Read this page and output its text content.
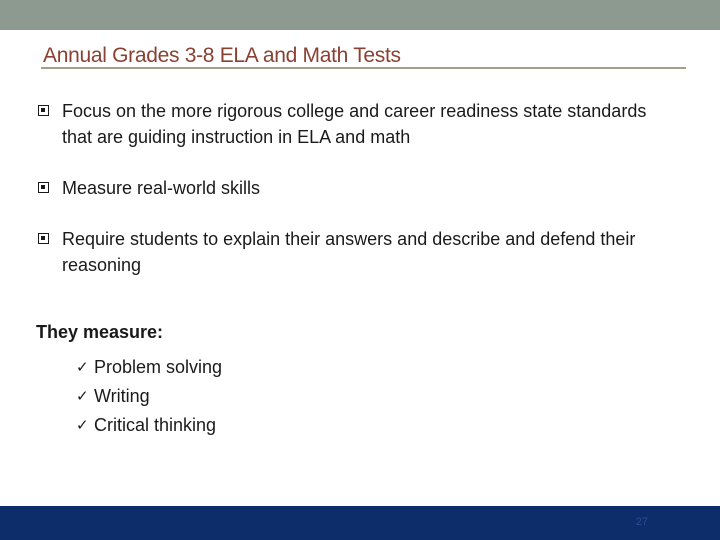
Annual Grades 3-8 ELA and Math Tests
Focus on the more rigorous college and career readiness state standards that are guiding instruction in ELA and math
Measure real-world skills
Require students to explain their answers and describe and defend their reasoning
They measure:
✓ Problem solving
✓ Writing
✓ Critical thinking
27
